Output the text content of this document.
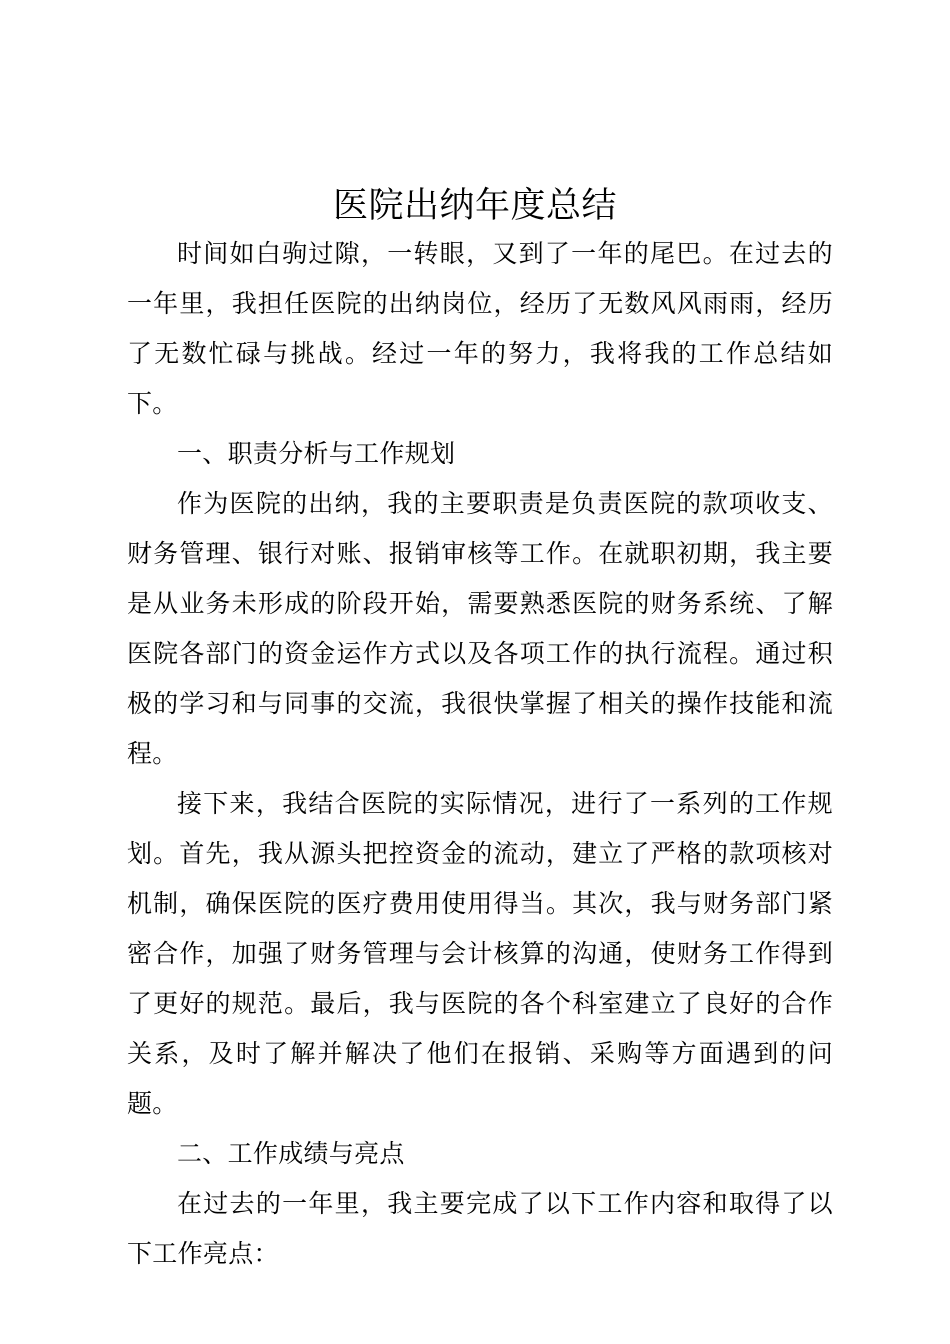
医院出纳年度总结

时间如白驹过隙，一转眼，又到了一年的尾巴。在过去的一年里，我担任医院的出纳岗位，经历了无数风风雨雨，经历了无数忙碌与挑战。经过一年的努力，我将我的工作总结如下。

一、职责分析与工作规划

作为医院的出纳，我的主要职责是负责医院的款项收支、财务管理、银行对账、报销审核等工作。在就职初期，我主要是从业务未形成的阶段开始，需要熟悉医院的财务系统、了解医院各部门的资金运作方式以及各项工作的执行流程。通过积极的学习和与同事的交流，我很快掌握了相关的操作技能和流程。

接下来，我结合医院的实际情况，进行了一系列的工作规划。首先，我从源头把控资金的流动，建立了严格的款项核对机制，确保医院的医疗费用使用得当。其次，我与财务部门紧密合作，加强了财务管理与会计核算的沟通，使财务工作得到了更好的规范。最后，我与医院的各个科室建立了良好的合作关系，及时了解并解决了他们在报销、采购等方面遇到的问题。

二、工作成绩与亮点

在过去的一年里，我主要完成了以下工作内容和取得了以下工作亮点：
